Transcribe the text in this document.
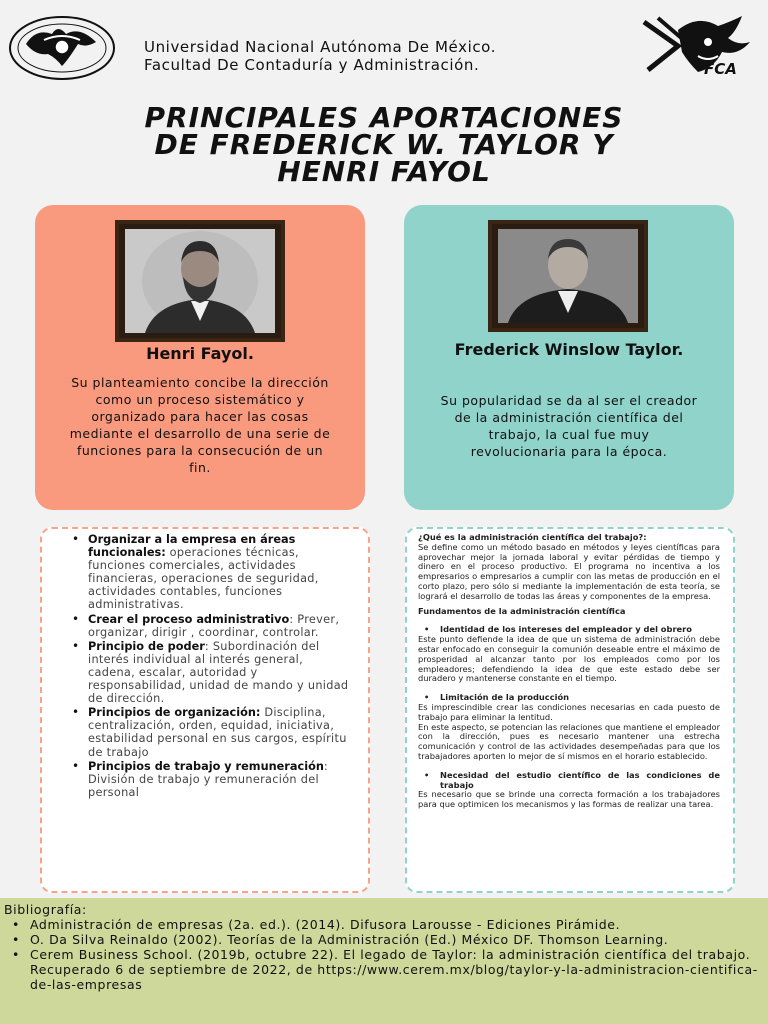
Universidad Nacional Autónoma De México.
Facultad De Contaduría y Administración.	FCA
PRINCIPALES APORTACIONES
DE FREDERICK W. TAYLOR Y
HENRI FAYOL
Henri Fayol.
Su planteamiento concibe la dirección como un proceso sistemático y organizado para hacer las cosas mediante el desarrollo de una serie de funciones para la consecución de un fin.
Frederick Winslow Taylor.
Su popularidad se da al ser el creador de la administración científica del trabajo, la cual fue muy revolucionaria para la época.
• Organizar a la empresa en áreas funcionales: operaciones técnicas, funciones comerciales, actividades financieras, operaciones de seguridad, actividades contables, funciones administrativas.
• Crear el proceso administrativo: Prever, organizar, dirigir , coordinar, controlar.
• Principio de poder: Subordinación del interés individual al interés general, cadena, escalar, autoridad y responsabilidad, unidad de mando y unidad de dirección.
• Principios de organización: Disciplina, centralización, orden, equidad, iniciativa, estabilidad personal en sus cargos, espíritu de trabajo
• Principios de trabajo y remuneración: División de trabajo y remuneración del personal
¿Qué es la administración científica del trabajo?:
Se define como un método basado en métodos y leyes científicas para aprovechar mejor la jornada laboral y evitar pérdidas de tiempo y dinero en el proceso productivo. El programa no incentiva a los empresarios o empresarios a cumplir con las metas de producción en el corto plazo, pero sólo si mediante la implementación de esta teoría, se logrará el desarrollo de todas las áreas y componentes de la empresa.
Fundamentos de la administración científica
• Identidad de los intereses del empleador y del obrero
Este punto defiende la idea de que un sistema de administración debe estar enfocado en conseguir la comunión deseable entre el máximo de prosperidad al alcanzar tanto por los empleados como por los empleadores; defendiendo la idea de que este estado debe ser duradero y mantenerse constante en el tiempo.
• Limitación de la producción
Es imprescindible crear las condiciones necesarias en cada puesto de trabajo para eliminar la lentitud.
En este aspecto, se potencian las relaciones que mantiene el empleador con la dirección, pues es necesario mantener una estrecha comunicación y control de las actividades desempeñadas para que los trabajadores aporten lo mejor de sí mismos en el horario establecido.
• Necesidad del estudio científico de las condiciones de trabajo
Es necesario que se brinde una correcta formación a los trabajadores para que optimicen los mecanismos y las formas de realizar una tarea.
Bibliografía:
• Administración de empresas (2a. ed.). (2014). Difusora Larousse - Ediciones Pirámide.
• O. Da Silva Reinaldo (2002). Teorías de la Administración (Ed.) México DF. Thomson Learning.
• Cerem Business School. (2019b, octubre 22). El legado de Taylor: la administración científica del trabajo. Recuperado 6 de septiembre de 2022, de https://www.cerem.mx/blog/taylor-y-la-administracion-cientifica-de-las-empresas
